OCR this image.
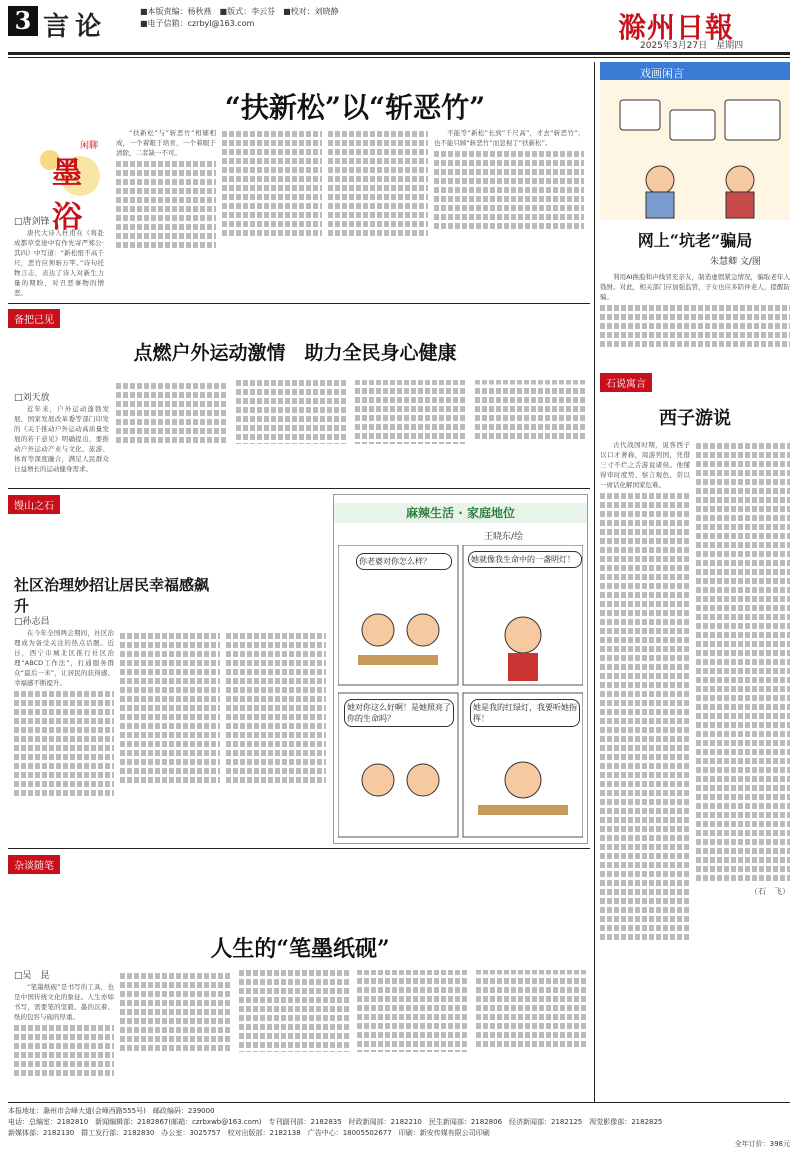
3 言论
■本版责编：杨秋燕　■版式：李云芬　■校对：刘晓静
■电子信箱：czrbyl@163.com	滁州日報
2025年3月27日　星期四
墨浴
闲聊
“扶新松”以“斩恶竹”
□唐剑锋

唐代大诗人杜甫在《将赴成都草堂途中有作先寄严郑公·其四》中写道：“新松恨不高千尺，恶竹应须斩万竿。”诗句托物言志，表达了诗人对新生力量的期盼、对丑恶事物的憎恶。

“扶新松”与“斩恶竹”相辅相成，一个着眼于培育，一个着眼于清除，二者缺一不可。

不能等“新松”长到“千尺高”，才去“斩恶竹”；也不能只顾“斩恶竹”而忽视了“扶新松”。

戏画闲言
网上“坑老”骗局
朱慧卿 文/图

利用AI换脸和声线冒充亲友，制造虚假紧急情况，骗取老年人钱财。对此，相关部门应加强监管，子女也应多陪伴老人，提醒防骗。

备把己见
点燃户外运动激情　助力全民身心健康
□刘天放

近年来，户外运动蓬勃发展，国家发展改革委等部门印发的《关于推动户外运动高质量发展的若干意见》明确提出，要推动户外运动产业与文化、旅游、体育等深度融合，满足人民群众日益增长的运动健身需求。

馒山之石
社区治理妙招让居民幸福感飙升
□孙志昌

在今年全国两会期间，社区治理成为备受关注的热点话题。近日，西宁市城北区推行社区治理“ABCD工作法”，打通服务群众“最后一米”，让居民的获得感、幸福感不断提升。

麻辣生活 · 家庭地位
王晓东/绘
你老婆对你怎么样？	她就像我生命中的一盏明灯！
她对你这么好啊！是她照亮了你的生命吗？
她是我的红绿灯，我要听她指挥！
石说寓言
西子游说

古代战国时期，说客西子以口才著称，周游列国，凭借三寸不烂之舌游说诸侯。他懂得审时度势、察言观色，常以一席话化解国家危难。

（石　飞）
杂谈随笔
人生的“笔墨纸砚”
□吴　昆

“笔墨纸砚”是书写的工具，也是中国传统文化的象征。人生亦如书写，需要笔的坚毅、墨的沉着、纸的包容与砚的厚重。

本报地址：滁州市会峰大道(会峰西路555号)　邮政编码：239000
电话：总编室：2182810　新闻编辑部：2182867(邮箱：czrbxwb@163.com)　专刊副刊部：2182835　时政新闻部：2182210　民生新闻部：2182806　经济新闻部：2182125　视觉影像部：2182825
新媒体部：2182130　群工发行部：2182830　办公室：3025757　校对出版部：2182138　广告中心：18005502677　印刷：新安传媒有限公司印刷
全年订价：398元
